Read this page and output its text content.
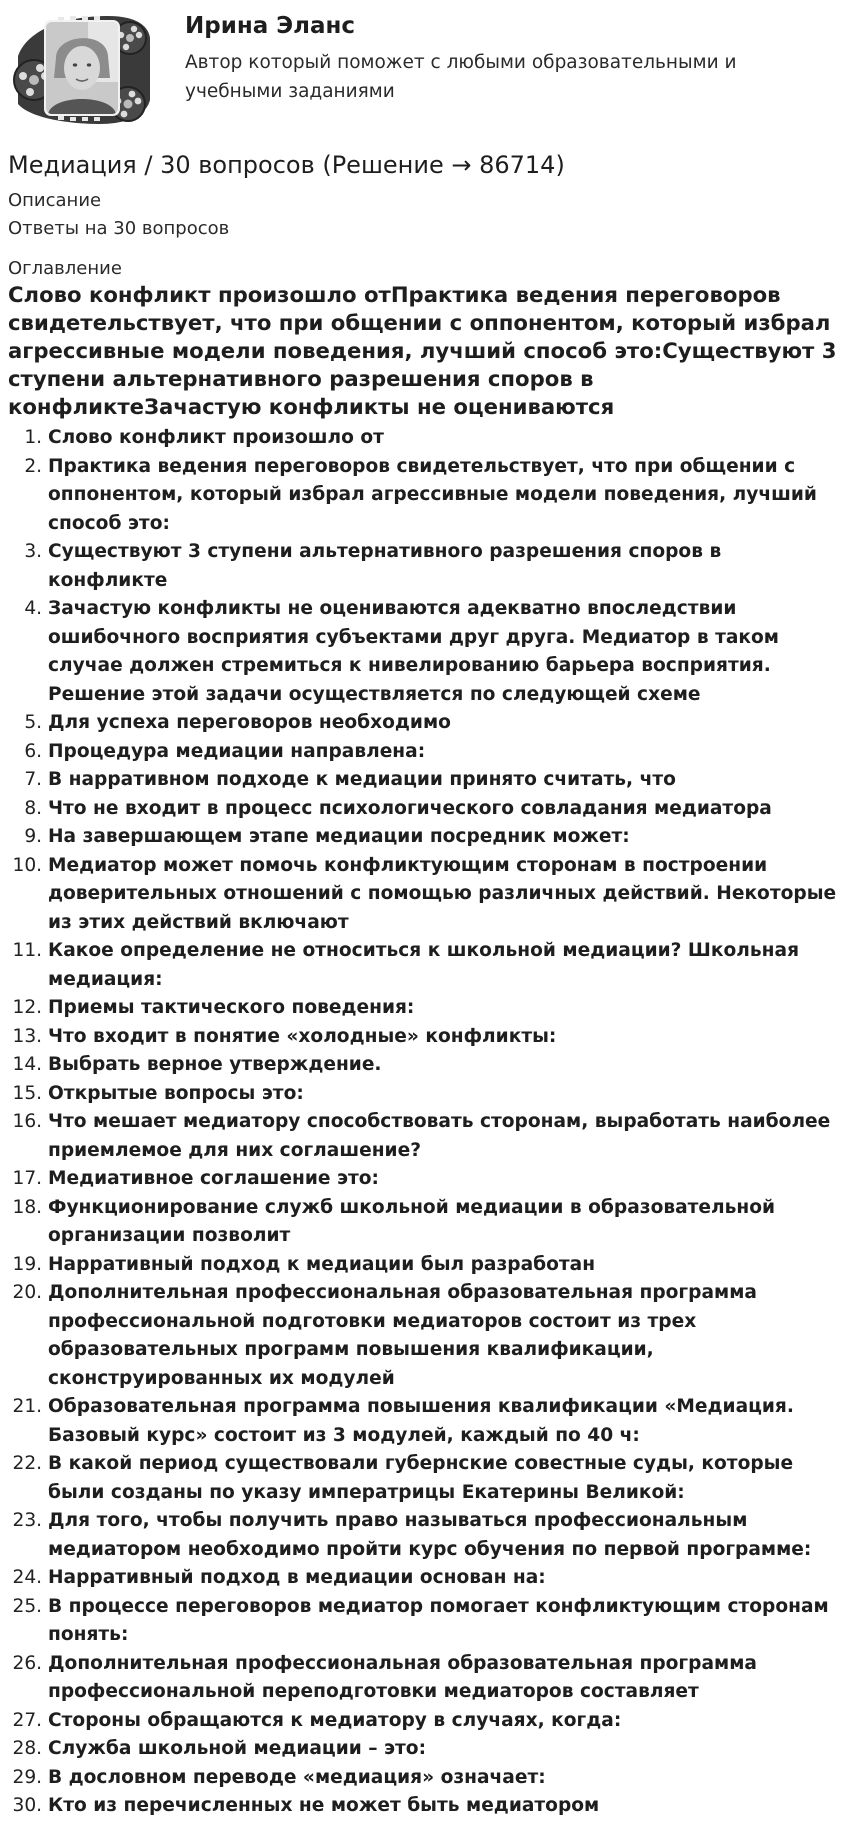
Ирина Эланс

Автор который поможет с любыми образовательными и учебными заданиями

Медиация / 30 вопросов (Решение → 86714)
Описание
Ответы на 30 вопросов
Оглавление

Слово конфликт произошло отПрактика ведения переговоров свидетельствует, что при общении с оппонентом, который избрал агрессивные модели поведения, лучший способ это:Существуют 3 ступени альтернативного разрешения споров в конфликтеЗачастую конфликты не оцениваются

1. Слово конфликт произошло от
2. Практика ведения переговоров свидетельствует, что при общении с оппонентом, который избрал агрессивные модели поведения, лучший способ это:
3. Существуют 3 ступени альтернативного разрешения споров в конфликте
4. Зачастую конфликты не оцениваются адекватно впоследствии ошибочного восприятия субъектами друг друга. Медиатор в таком случае должен стремиться к нивелированию барьера восприятия. Решение этой задачи осуществляется по следующей схеме
5. Для успеха переговоров необходимо
6. Процедура медиации направлена:
7. В нарративном подходе к медиации принято считать, что
8. Что не входит в процесс психологического совладания медиатора
9. На завершающем этапе медиации посредник может:
10. Медиатор может помочь конфликтующим сторонам в построении доверительных отношений с помощью различных действий. Некоторые из этих действий включают
11. Какое определение не относиться к школьной медиации? Школьная медиация:
12. Приемы тактического поведения:
13. Что входит в понятие «холодные» конфликты:
14. Выбрать верное утверждение.
15. Открытые вопросы это:
16. Что мешает медиатору способствовать сторонам, выработать наиболее приемлемое для них соглашение?
17. Медиативное соглашение это:
18. Функционирование служб школьной медиации в образовательной организации позволит
19. Нарративный подход к медиации был разработан
20. Дополнительная профессиональная образовательная программа профессиональной подготовки медиаторов состоит из трех образовательных программ повышения квалификации, сконструированных их модулей
21. Образовательная программа повышения квалификации «Медиация. Базовый курс» состоит из 3 модулей, каждый по 40 ч:
22. В какой период существовали губернские совестные суды, которые были созданы по указу императрицы Екатерины Великой:
23. Для того, чтобы получить право называться профессиональным медиатором необходимо пройти курс обучения по первой программе:
24. Нарративный подход в медиации основан на:
25. В процессе переговоров медиатор помогает конфликтующим сторонам понять:
26. Дополнительная профессиональная образовательная программа профессиональной переподготовки медиаторов составляет
27. Стороны обращаются к медиатору в случаях, когда:
28. Служба школьной медиации – это:
29. В дословном переводе «медиация» означает:
30. Кто из перечисленных не может быть медиатором
